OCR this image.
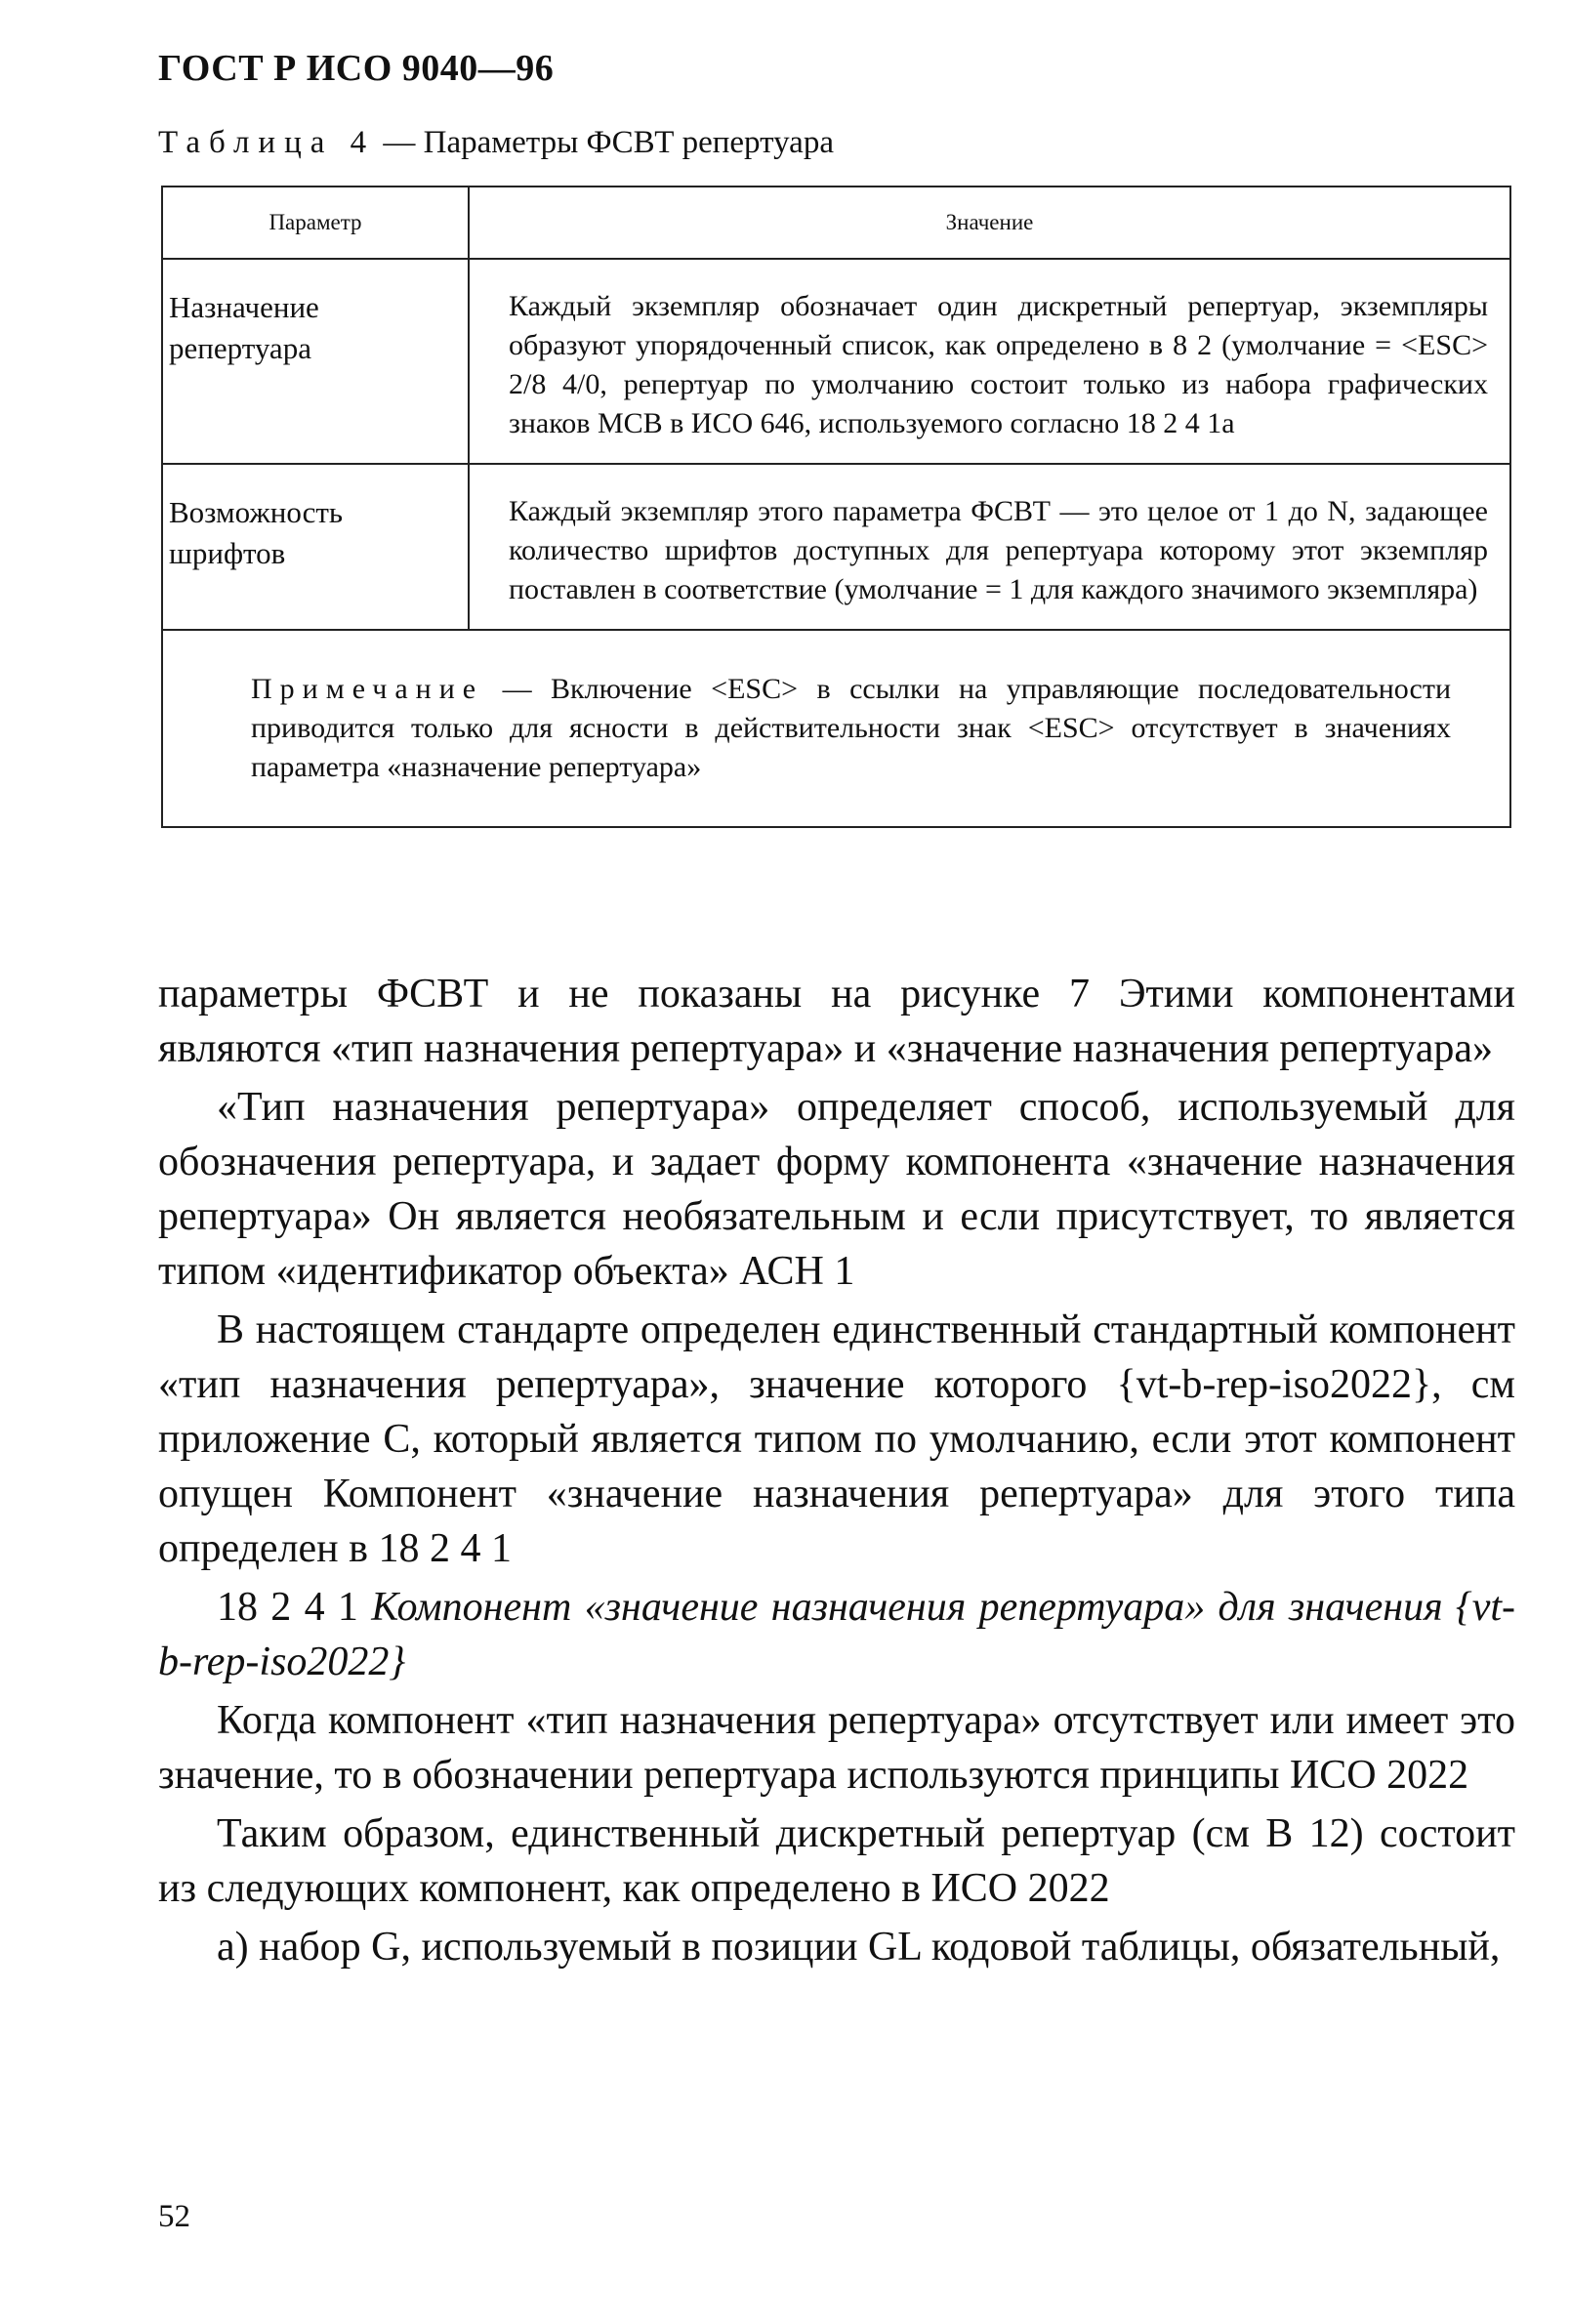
ГОСТ Р ИСО 9040—96
Таблица 4 — Параметры ФСВТ репертуара
Параметр	Значение
Назначение репертуара	Каждый экземпляр обозначает один дискретный репертуар, экземпляры образуют упорядоченный список, как определено в 8 2 (умолчание = <ESC> 2/8 4/0, репертуар по умолчанию состоит только из набора графических знаков МСВ в ИСО 646, используемого согласно 18 2 4 1a
Возможность шрифтов	Каждый экземпляр этого параметра ФСВТ — это целое от 1 до N, задающее количество шрифтов доступных для репертуара которому этот экземпляр поставлен в соответствие (умолчание = 1 для каждого значимого экземпляра)
Примечание — Включение <ESC> в ссылки на управляющие последовательности приводится только для ясности в действительности знак <ESC> отсутствует в значениях параметра «назначение репертуара»	

параметры ФСВТ и не показаны на рисунке 7 Этими компонентами являются «тип назначения репертуара» и «значение назначения репертуара»

«Тип назначения репертуара» определяет способ, используемый для обозначения репертуара, и задает форму компонента «значение назначения репертуара» Он является необязательным и если присутствует, то является типом «идентификатор объекта» АСН 1

В настоящем стандарте определен единственный стандартный компонент «тип назначения репертуара», значение которого {vt-b-rep-iso2022}, см приложение С, который является типом по умолчанию, если этот компонент опущен Компонент «значение назначения репертуара» для этого типа определен в 18 2 4 1

18 2 4 1 Компонент «значение назначения репертуара» для значения {vt-b-rep-iso2022}

Когда компонент «тип назначения репертуара» отсутствует или имеет это значение, то в обозначении репертуара используются принципы ИСО 2022

Таким образом, единственный дискретный репертуар (см В 12) состоит из следующих компонент, как определено в ИСО 2022

а) набор G, используемый в позиции GL кодовой таблицы, обязательный,

52
